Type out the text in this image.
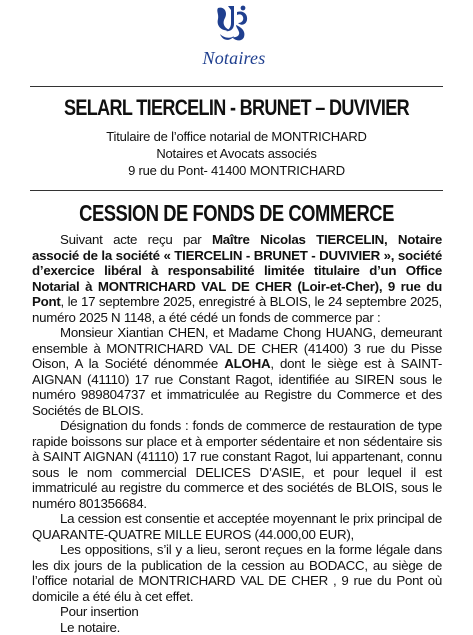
Notaires
SELARL TIERCELIN - BRUNET – DUVIVIER
Titulaire de l’office notarial de MONTRICHARD
Notaires et Avocats associés
9 rue du Pont- 41400 MONTRICHARD
CESSION DE FONDS DE COMMERCE

Suivant acte reçu par Maître Nicolas TIERCELIN, Notaire associé de la société « TIERCELIN - BRUNET - DUVIVIER », société d’exercice libéral à responsabilité limitée titulaire d’un Office Notarial à MONTRICHARD VAL DE CHER (Loir-et-Cher), 9 rue du Pont, le 17 septembre 2025, enregistré à BLOIS, le 24 septembre 2025, numéro 2025 N 1148, a été cédé un fonds de commerce par :

Monsieur Xiantian CHEN, et Madame Chong HUANG, demeurant ensemble à MONTRICHARD VAL DE CHER (41400) 3 rue du Pisse Oison, A la Société dénommée ALOHA, dont le siège est à SAINT-AIGNAN (41110) 17 rue Constant Ragot, identifiée au SIREN sous le numéro 989804737 et immatriculée au Registre du Commerce et des Sociétés de BLOIS.

Désignation du fonds : fonds de commerce de restauration de type rapide boissons sur place et à emporter sédentaire et non sédentaire sis à SAINT AIGNAN (41110) 17 rue constant Ragot, lui appartenant, connu sous le nom commercial DELICES D’ASIE, et pour lequel il est immatriculé au registre du commerce et des sociétés de BLOIS, sous le numéro 801356684.

La cession est consentie et acceptée moyennant le prix principal de QUARANTE-QUATRE MILLE EUROS (44.000,00 EUR),

Les oppositions, s’il y a lieu, seront reçues en la forme légale dans les dix jours de la publication de la cession au BODACC, au siège de l’office notarial de MONTRICHARD VAL DE CHER , 9 rue du Pont où domicile a été élu à cet effet.

Pour insertion

Le notaire.
